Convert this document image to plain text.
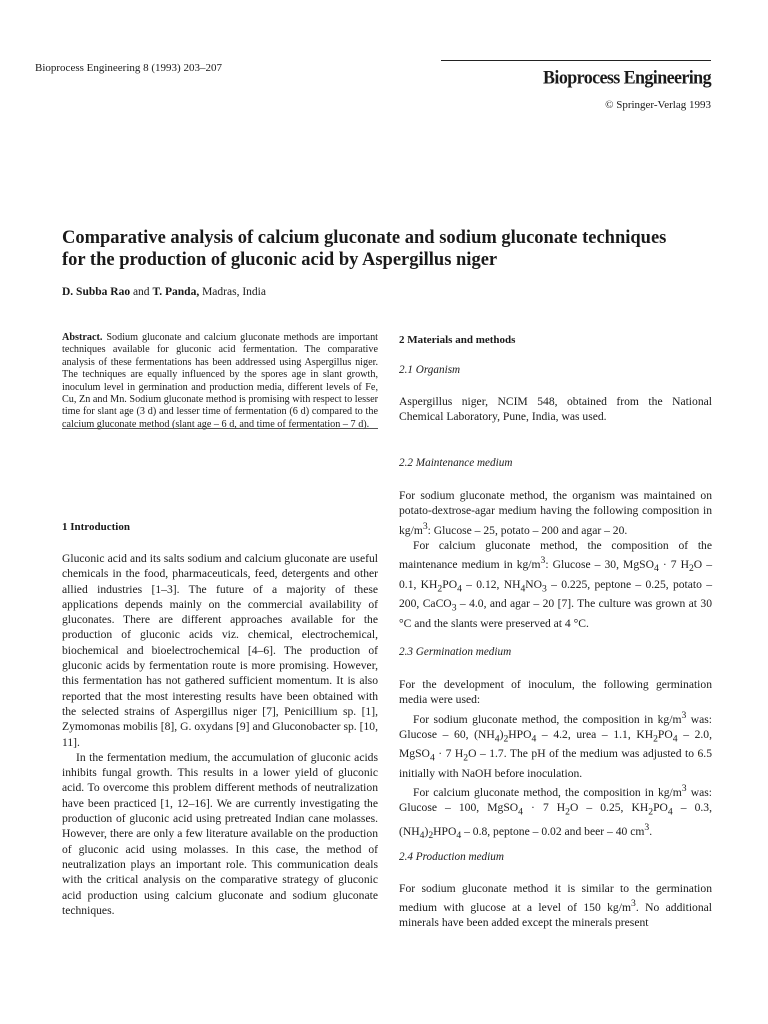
Bioprocess Engineering 8 (1993) 203–207	Bioprocess Engineering
© Springer-Verlag 1993
Comparative analysis of calcium gluconate and sodium gluconate techniques
for the production of gluconic acid by Aspergillus niger
D. Subba Rao and T. Panda, Madras, India
Abstract. Sodium gluconate and calcium gluconate methods are important techniques available for gluconic acid fermentation. The comparative analysis of these fermentations has been addressed using Aspergillus niger. The techniques are equally influenced by the spores age in slant growth, inoculum level in germination and production media, different levels of Fe, Cu, Zn and Mn. Sodium gluconate method is promising with respect to lesser time for slant age (3 d) and lesser time of fermentation (6 d) compared to the calcium gluconate method (slant age – 6 d, and time of fermentation – 7 d).
1 Introduction

Gluconic acid and its salts sodium and calcium gluconate are useful chemicals in the food, pharmaceuticals, feed, detergents and other allied industries [1–3]. The future of a majority of these applications depends mainly on the commercial availability of gluconates. There are different approaches available for the production of gluconic acids viz. chemical, electrochemical, biochemical and bioelectrochemical [4–6]. The production of gluconic acids by fermentation route is more promising. However, this fermentation has not gathered sufficient momentum. It is also reported that the most interesting results have been obtained with the selected strains of Aspergillus niger [7], Penicillium sp. [1], Zymomonas mobilis [8], G. oxydans [9] and Gluconobacter sp. [10, 11].

In the fermentation medium, the accumulation of gluconic acids inhibits fungal growth. This results in a lower yield of gluconic acid. To overcome this problem different methods of neutralization have been practiced [1, 12–16]. We are currently investigating the production of gluconic acid using pretreated Indian cane molasses. However, there are only a few literature available on the production of gluconic acid using molasses. In this case, the method of neutralization plays an important role. This communication deals with the critical analysis on the comparative strategy of gluconic acid production using calcium gluconate and sodium gluconate techniques.

2 Materials and methods
2.1 Organism

Aspergillus niger, NCIM 548, obtained from the National Chemical Laboratory, Pune, India, was used.

2.2 Maintenance medium

For sodium gluconate method, the organism was maintained on potato-dextrose-agar medium having the following composition in $kg/m^3$: Glucose – 25, potato – 200 and agar – 20.

For calcium gluconate method, the composition of the maintenance medium in $kg/m^3$: Glucose – 30, MgSO$_4$ · 7 $H_2O - 0.1$, $KH_2PO_4 - 0.12$, $NH_4NO_3 - 0.225$, peptone – 0.25, potato – 200, CaCO$_3$ – 4.0, and agar – 20 [7]. The culture was grown at 30 °C and the slants were preserved at 4 °C.

2.3 Germination medium

For the development of inoculum, the following germination media were used:

For sodium gluconate method, the composition in $kg/m^3$ was: Glucose – 60, $(NH_4)_2HPO_4 - 4.2$, urea – 1.1, $KH_2PO_4 - 2.0$, MgSO$_4$ · 7 $H_2O - 1.7$. The pH of the medium was adjusted to 6.5 initially with NaOH before inoculation.

For calcium gluconate method, the composition in $kg/m^3$ was: Glucose – 100, MgSO$_4$ · 7 $H_2O - 0.25$, $KH_2PO_4 - 0.3$, $(NH_4)_2HPO_4 - 0.8$, peptone – 0.02 and beer – 40 $cm^3$.

2.4 Production medium

For sodium gluconate method it is similar to the germination medium with glucose at a level of 150 $kg/m^3$. No additional minerals have been added except the minerals present
